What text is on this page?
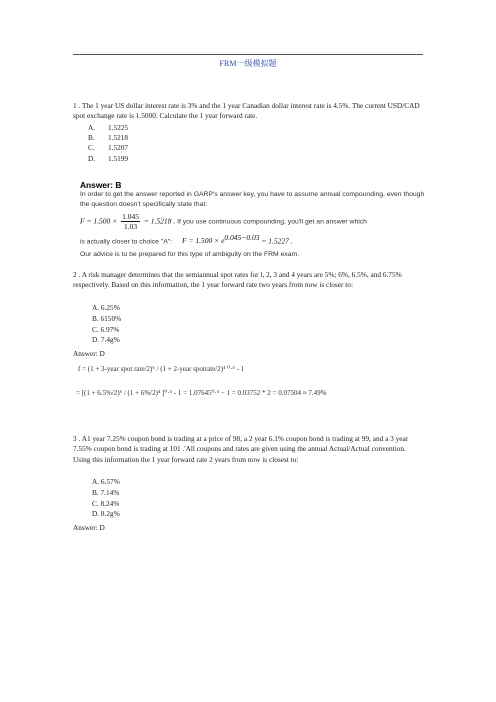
FRM一级模拟题
1 . The 1 year US dollar interest rate is 3% and the 1 year Canadian dollar interest rate is 4.5%. The current USD/CAD spot exchange rate is 1.5000. Calculate the 1 year forward rate.
A. 1.5225
B. 1.5218
C. 1.5207
D. 1.5199
Answer: B
In order to get the answer reported in GARP's answer key, you have to assume annual compounding, even though the question doesn't specifically state that:
$F = 1.500 \times \frac{1.045}{1.03} = 1.5218$ . If you use continuous compounding, you'll get an answer which
is actually closer to choice "A": $F = 1.500 \times e^{0.045-0.03} = 1.5227$ .
Our advice is to be prepared for this type of ambiguity on the FRM exam.
2 . A risk manager determines that the semiannual spot rates for l, 2, 3 and 4 years are 5%; 6%, 6.5%, and 6.75% respectively. Based on this information, the 1 year forward rate two years from now is closer to:
A. 6.25%
B. 6150%
C. 6.97%
D. 7.4g%
Answer: D
f = (1 + 3-year spot rate/2)⁶ / (1 + 2-year spotrate/2)⁴ ⁰·⁵ - 1
= [(1 + 6.5%/2)⁶ / (1 + 6%/2)⁴ ]⁰·⁵ - 1 = 1.07645⁰·⁵ − 1 = 0.03752 * 2 = 0.07504 ≈ 7.49%
3 . A1 year 7.25% coupon bond is trading at a price of 98, a 2 year 6.1% coupon bond is trading at 99, and a 3 year 7.55% coupon bond is trading at 101 .'All coupons and rates are given using the annual Actual/Actual convention. Using this information the 1 year forward rate 2 years from now is closest to:
A. 6.57%
B. 7.14%
C. 8.24%
D. 8.2g%
Answer: D
